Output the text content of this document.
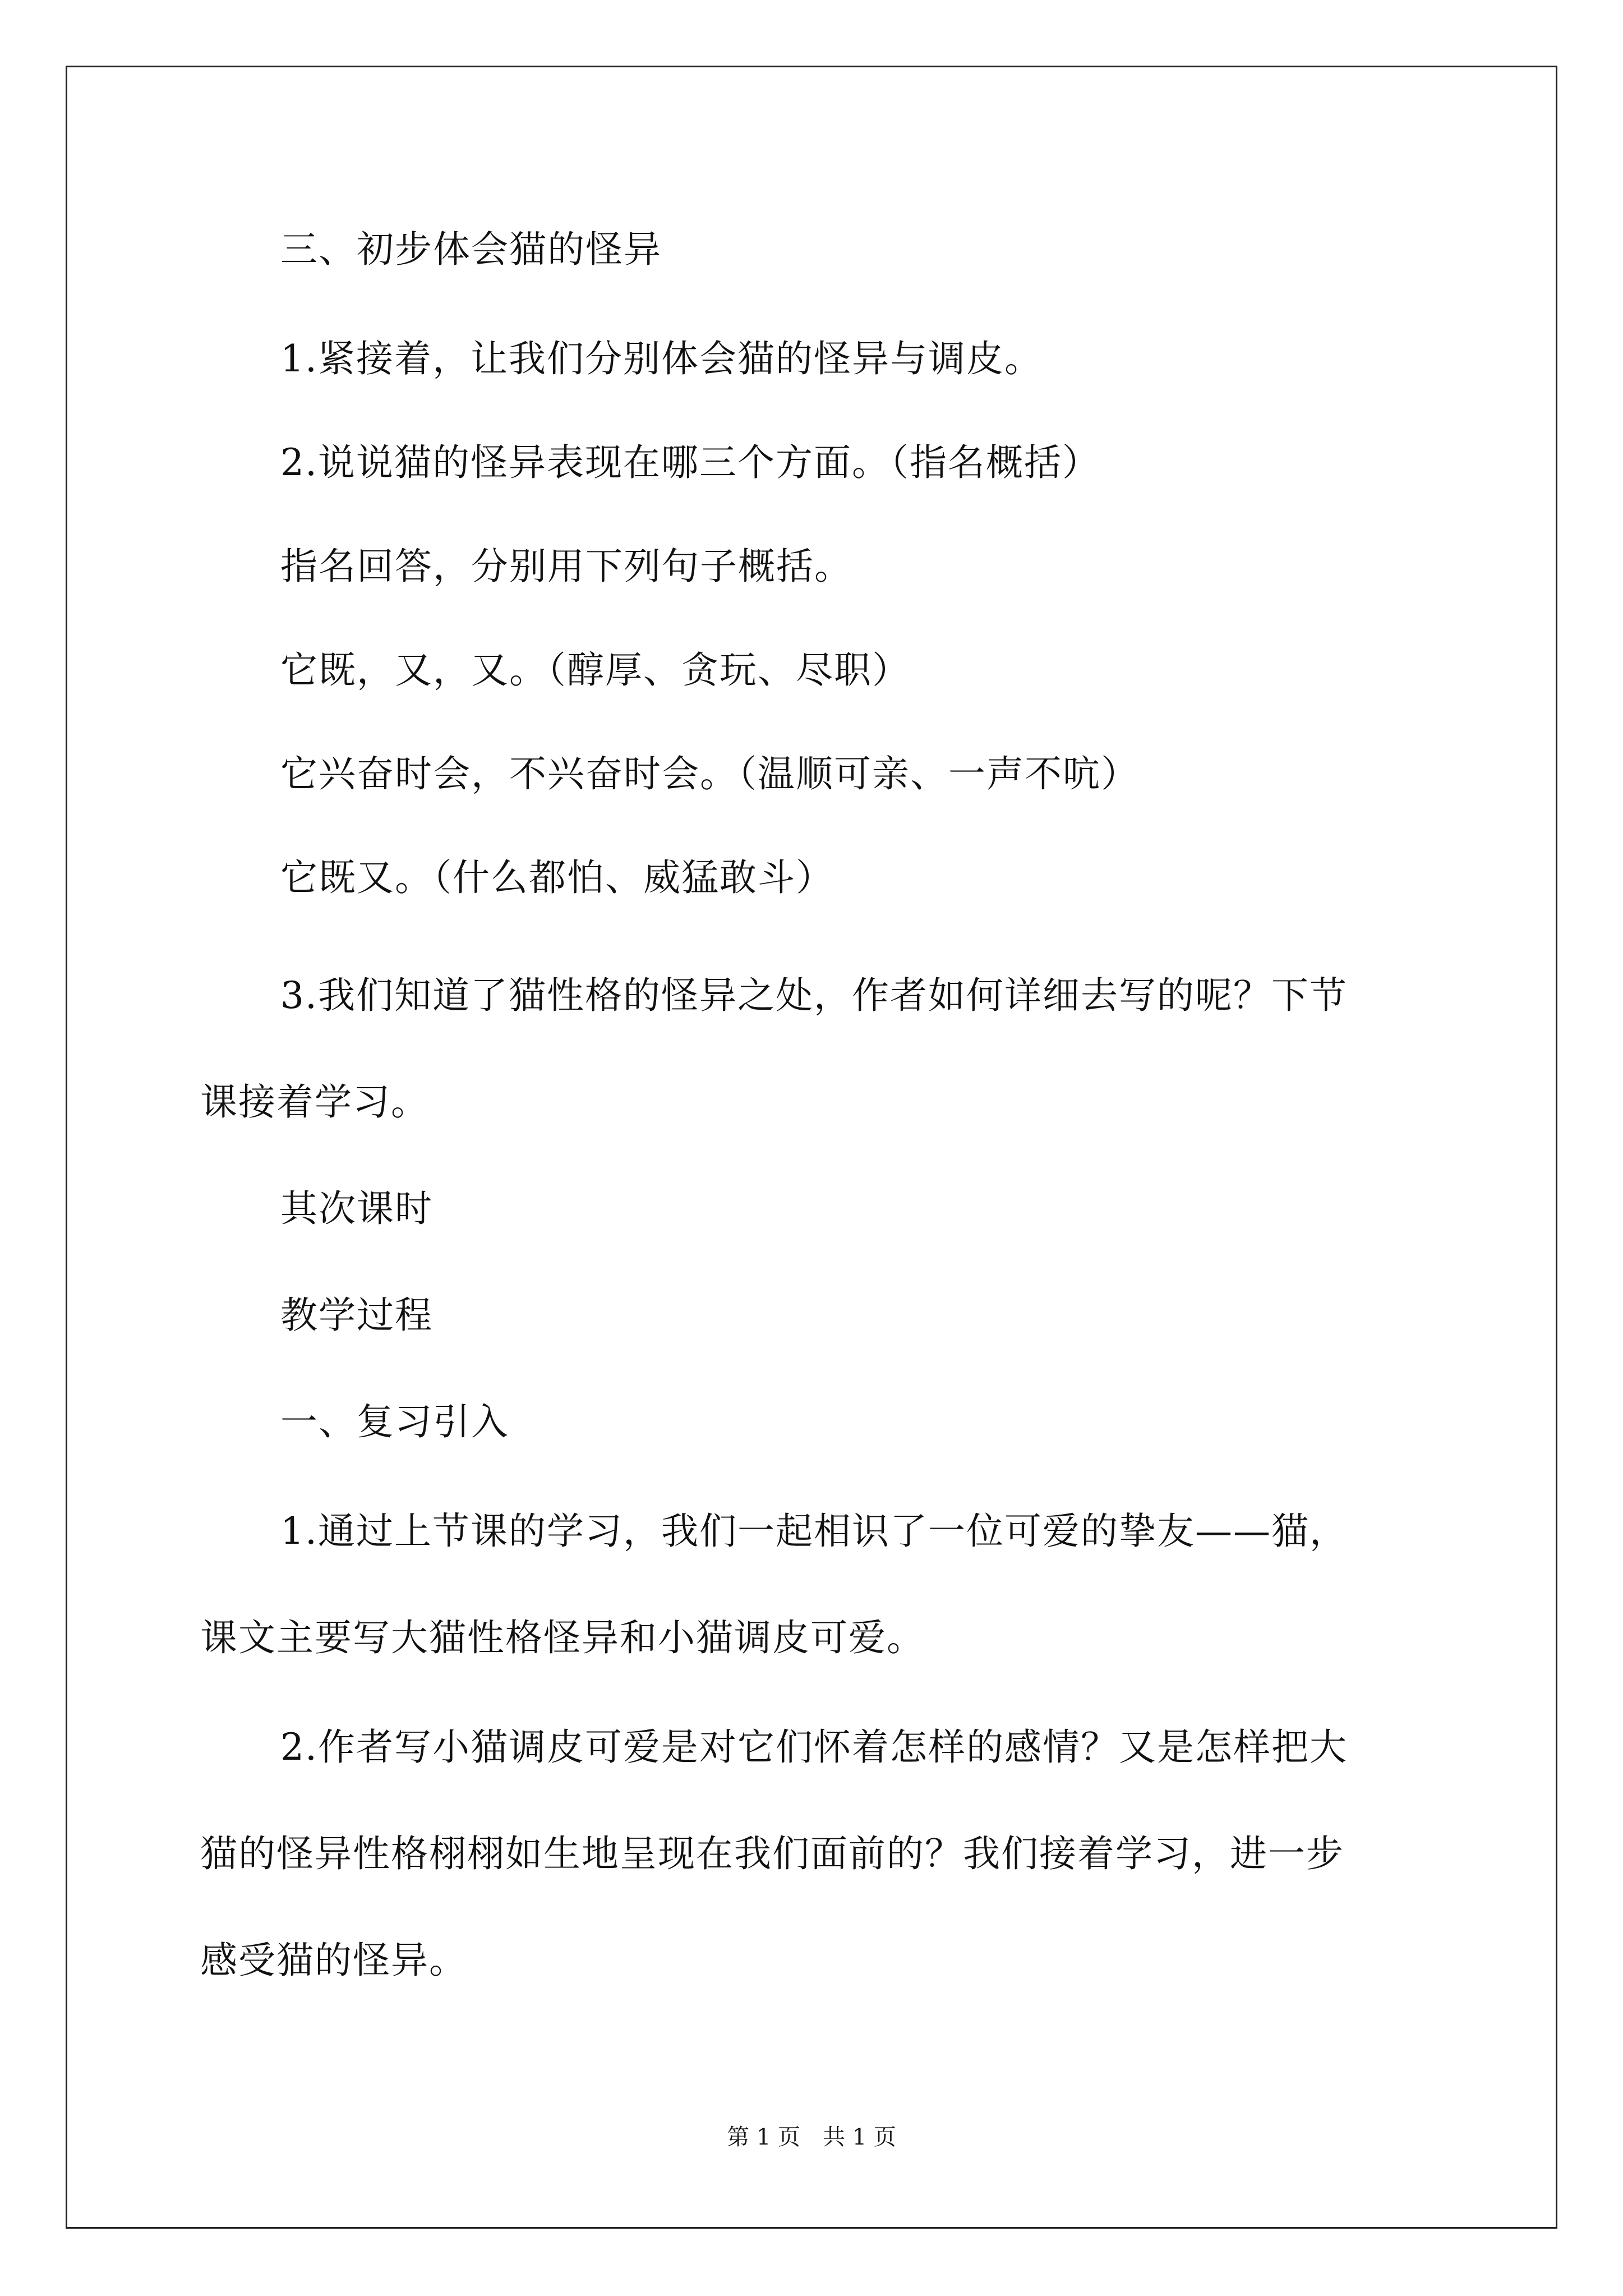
三、初步体会猫的怪异
1.紧接着，让我们分别体会猫的怪异与调皮。
2.说说猫的怪异表现在哪三个方面。（指名概括）
指名回答，分别用下列句子概括。
它既，又，又。（醇厚、贪玩、尽职）
它兴奋时会，不兴奋时会。（温顺可亲、一声不吭）
它既又。（什么都怕、威猛敢斗）
3.我们知道了猫性格的怪异之处，作者如何详细去写的呢？下节
课接着学习。
其次课时
教学过程
一、复习引入
1.通过上节课的学习，我们一起相识了一位可爱的挚友——猫，
课文主要写大猫性格怪异和小猫调皮可爱。
2.作者写小猫调皮可爱是对它们怀着怎样的感情？又是怎样把大
猫的怪异性格栩栩如生地呈现在我们面前的？我们接着学习，进一步
感受猫的怪异。
第 1 页　共 1 页
